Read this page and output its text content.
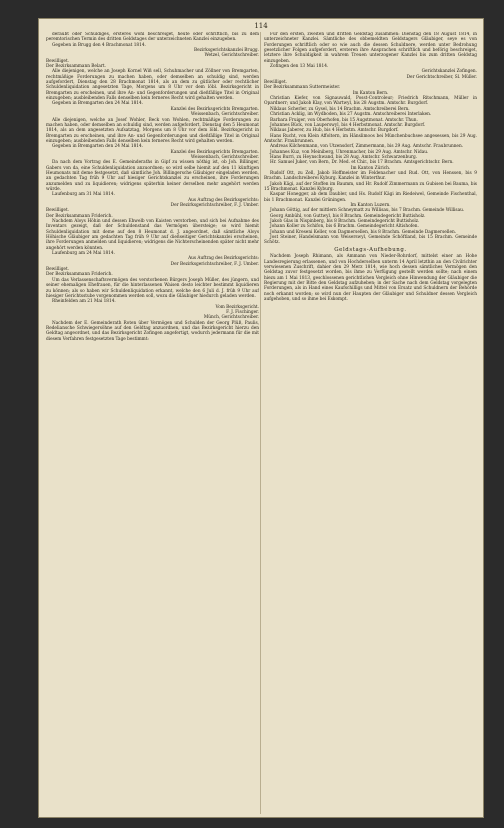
114

deraubt oder Schuldiges, ersteres wohl beschreiget, heute oder schriftlich, bis zu dem peremtorischen Termin des dritten Geldstages der unterzeichneten Kanzlei einzugeben.

Gegeben in Brugg den 4 Brachmonat 1814.

Bezirksgerichtskanzlei Brugg.

Wetzel, Gerichtschreiber.

Bewilliget.

Der Bezirksammann Belart.

Alle diejenigen, welche an Joseph Kornel Wiß sell, Schuhmacher und Zöllner von Bremgarten, rechtmäßige Forderungen zu machen haben, oder demselben an schuldig sind, werden aufgefordert, Dienstag den 28 Brachmonat 1814, als an dem zu gütlicher oder rechtlicher Schuldenliquidation angesetzten Tage, Morgens um 8 Uhr vor dem löbl. Bezirksgericht in Bremgarten zu erscheinen, und ihre An- und Gegenforderungen und dießfällige Titel in Original einzugeben; ausbleibenden Falls denselben kein ferneres Recht wird gehalten werden.

Gegeben in Bremgarten den 24 Mai 1814.

Kanzlei des Bezirksgerichts Bremgarten.

Weissenbach, Gerichtschreiber.

Alle diejenigen, welche an Josef Wohler, Beck von Wohlen, rechtmäßige Forderungen zu machen haben, oder demselben an schuldig sind, werden aufgefordert, Dienstag den 5 Heumonat 1814, als an dem angesetzten Aufsatztag, Morgens um 8 Uhr vor dem löbl. Bezirksgericht in Bremgarten zu erscheinen, und ihre An- und Gegenforderungen und dießfällige Titel in Original einzugeben; ausbleibenden Falls denselben kein ferneres Recht wird gehalten werden.

Gegeben in Bremgarten den 24 Mai 1814.

Kanzlei des Bezirksgerichts Bremgarten.

Weissenbach, Gerichtschreiber.

Da nach dem Vortrag des E. Gemeinderaths in Gipf zu wissen nöthig ist, ob Joh. Billinger, Gabers von da, eine Schuldenliquidation anzuordnen; so wird selbe hiemit auf den 11 künftigen Heumonats mit deme festgesetzt, daß sämtliche Joh. Billingersche Gläubiger eingeladen werden, an gedachten Tag früh 9 Uhr auf hiesiger Gerichtskanzlei zu erscheinen, ihre Forderungen anzumelden und zu liquidieren; widrigens späterhin keiner derselben mehr angehört werden würde.

Laufenburg am 31 Mai 1814.

Aus Auftrag des Bezirksgerichts:

Der Bezirksgerichtschreiber, F. J. Umber.

Bewilliget.

Der Bezirksammann Friderich.

Nachdem Aloys Höhin und dessen Ehwelb von Kaisten verstorben, und sich bei Aufnahme des Inventars gezeigt, daß der Schuldenstand das Vermögen übersteige; so wird hiemit Schuldenliquidation mit deme auf den 8 Heumonat d. J. angeordnet, daß sämtliche Aloys Höhische Gläubiger am gedachten Tag früh 9 Uhr auf dießseitiger Gerichtskanzlei erscheinen, ihre Forderungen anmelden und liquidieren; widrigens die Nichterscheinenden später nicht mehr angehört werden könnten.

Laufenburg am 24 Mai 1814.

Aus Auftrag des Bezirksgerichts:

Der Bezirksgerichtschreiber, F. J. Umber.

Bewilliget.

Der Bezirksammann Friderich.

Um das Verlassenschaftsvermögen des verstorbenen Bürgers Joseph Müller, des jüngern, und seiner ehemaligen Ehefrauen, für die hinterlassenen Waisen desto leichter bestimmt liquidieren zu können; als so haben wir Schuldenliquidation erkannt, welche den 6 Juli d. J. früh 9 Uhr auf hiesiger Gerichtsstube vorgenommen werden soll, wozu die Gläubiger hiedurch geladen werden.

Rheinfelden am 21 Mai 1814.

Vom Bezirksgericht.

F. J. Fischinger.

Münch, Gerichtschreiber.

Nachdem der E. Gemeinderath Roten über Vermögen und Schulden der Georg Plüß, Paulis, Redeliansche Schwiegersöhne auf den Geldtag anzuordnen, und das Bezirksgericht hierzu den Geldtag angeordnet, und das Bezirksgericht Zofingen angefertigt, wodurch jedermann für die mit diesem Verfahren festgesetzten Tage bestimmt:

Für den ersten, zweiten und dritten Geldstag zusammen: Dienstag den 18 August 1814, in unterzeichneter Kanzlei. Sämtliche des obbemeldten Geldstagers Gläubiger, seye es von Forderungen schriftlich oder so wie auch die dessen Schuldnere, werden unter Bedrohung gesetzlicher Folgen aufgefordert, ersteren ihre Ansprachen schriftlich und beförig beschreiget, letztere ihre Schuldigkeit in wahrem Treuen unterzogener Kanzlei bis zum dritten Geldstag einzugeben.

Zofingen den 13 Mai 1814.

Gerichtskanzlei Zofingen.

Der Gerichtschreiber, Sl. Müller.

Bewilliget.

Der Bezirksammann Suttermeister.

Im Kanton Bern.

Christian Kiefer, von Signauwald, Posst-Controleur; Friedrich Ritschmann, Müller in Opardnerr; und Jakob Klay, von Wartwyl, bis 28 Augstm. Amtschr. Burgdorf.

Niklaus Scherler, zu Gysel, bis 14 Brachm. Amtschreiberei Bern.

Christian Acklig, im Wydboden, bis 27 Augstm. Amtschreiberei Interlaken.

Barbara Fruiger, von Oberhofen, bis 15 Augstmonat. Amtschr. Thun.

Johannes Bück, von Lauperswyl, bis 4 Herbstmonat. Amtschr. Burgdorf.

Niklaus Jaberer, zu Hub, bis 4 Herbstm. Amtschr. Burgdorf.

Hans Rucht, von Klein Affoltern, im Hänslimoos bei Münchenbuchsee angesessen, bis 29 Aug. Amtschr. Fraubrunnen.

Andreas Kilchenmann, von Utzensdorf, Zimmermann, bis 29 Aug. Amtschr. Fraubrunnen.

Johannes Kuz, von Meiniberg, Uhrenmacher, bis 29 Aug. Amtschr. Nidau.

Hans Burri, zu Heynschwand, bis 28 Aug. Amtschr. Schwarzenburg.

Hr. Samuel Juker, von Bern, Dr. Med. et Chir., bis 17 Brachm. Amtsgerichtschr. Bern.

Im Kanton Zürich.

Rudolf Ott, zu Zell, Jakob Hoffmeister im Feldenacher und Rud. Ott, von Henssen, bis 9 Brachm. Landschreiberei Kyburg. Kanzlei in Winterthur.

Jakob Kägi, auf der Stoffen im Baumm, und Hr. Rudolf Zimmermann zu Gubisen bei Bauma, bis 15 Brachmonat. Kanzlei Kyburg.

Kaspar Honegger, ab dem Daubler, und Hs. Rudolf Kägi im Riedeiwel, Gemeinde Fischenthal, bis 1 Brachmonat. Kanzlei Grüningen.

Im Kanton Luzern.

Johann Göttig, auf der mittlern Schneymatt zu Willisau, bis 7 Brachm. Gemeinde Willisau.

Georg Ambühl, von Guttwyl, bis 8 Brachm. Gemeindegericht Buttisholz.

Jakob Glas in Nispinberg, bis 8 Brachm. Gemeindegericht Buttisholz.

Johann Koller zu Schifon, bis 6 Brachm. Gemeindegericht Altishofen.

Johann und Kreseni Keller, von Dagmersellen, bis 8 Brachm. Gemeinde Dagmersellen.

Jost Steiner, Handelsmann von Weiserswyl, Gemeinde Schöftland, bis 15 Brachm. Gemeinde Schötz.

Geldstags-Aufhebung.

Nachdem Joseph Rhimann, als Ammann von Nieder-Rohrdorf, mittelst einer an Hohe Landesregierung erlassenen, und von Hochderselben unterm 14 April letzthin an den Civilrichter verwiesenen Zuschrift, dahier den 29 Merz 1814, wie hoch dessen sämtliches Vermögen den Geldstag zuvor festgesetzt worden, bis ihme zu Verfügung gestellt werden sollte; nach einem hiezu am 1 Mai 1813, geschlossenen gerichtlichen Vergleich ohne Hinwendung der Gläubiger die Regierung mit der Bitte den Geldstag aufzuheben; in der Sache nach dem Geldstag vorgelegten Forderungen, als in Hand eines Kaufschilligs und Mittel von Ersatz und Schuldnern der Behörde noch erkannt worden; so wird nun der Haupten der Gläubiger und Schuldner dessen Vergleich aufgehoben, und so ihme bei Eskompt.
